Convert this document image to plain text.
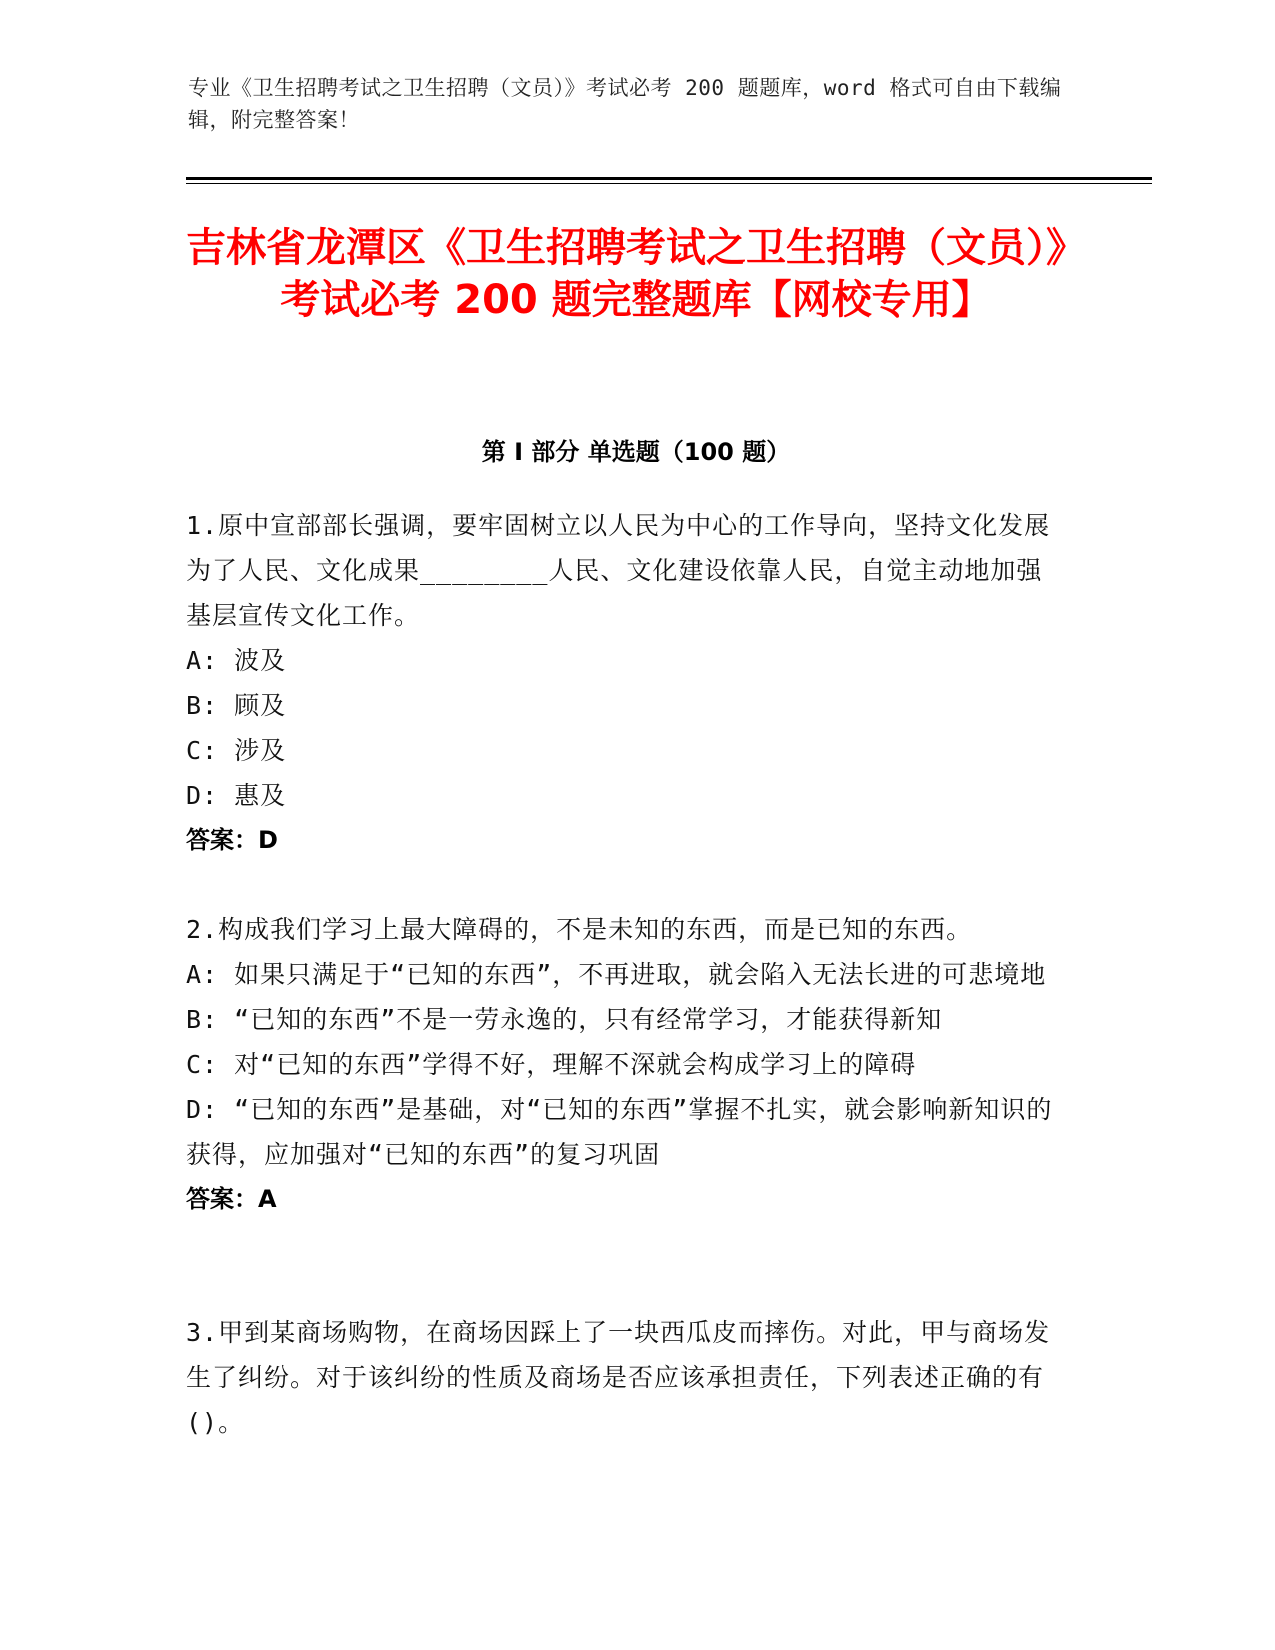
专业《卫生招聘考试之卫生招聘（文员）》考试必考 200 题题库，word 格式可自由下载编辑，附完整答案！
吉林省龙潭区《卫生招聘考试之卫生招聘（文员）》考试必考 200 题完整题库【网校专用】
第 I 部分 单选题（100 题）
1.原中宣部部长强调，要牢固树立以人民为中心的工作导向，坚持文化发展为了人民、文化成果________人民、文化建设依靠人民，自觉主动地加强基层宣传文化工作。
A: 波及
B: 顾及
C: 涉及
D: 惠及
答案：D
2.构成我们学习上最大障碍的，不是未知的东西，而是已知的东西。
A: 如果只满足于“已知的东西”，不再进取，就会陷入无法长进的可悲境地
B: “已知的东西”不是一劳永逸的，只有经常学习，才能获得新知
C: 对“已知的东西”学得不好，理解不深就会构成学习上的障碍
D: “已知的东西”是基础，对“已知的东西”掌握不扎实，就会影响新知识的获得，应加强对“已知的东西”的复习巩固
答案：A
3.甲到某商场购物，在商场因踩上了一块西瓜皮而摔伤。对此，甲与商场发生了纠纷。对于该纠纷的性质及商场是否应该承担责任，下列表述正确的有()。
